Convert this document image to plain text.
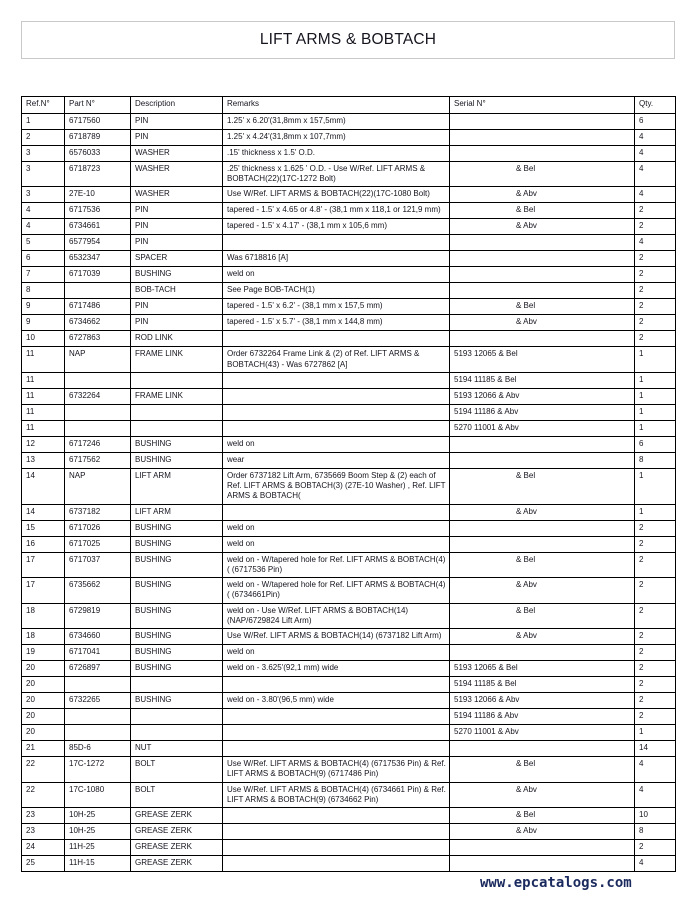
LIFT ARMS & BOBTACH
Ref.N°	Part N°	Description	Remarks	Serial N°	Qty.
1	6717560	PIN	1.25' x 6.20'(31,8mm x 157,5mm)		6
2	6718789	PIN	1.25' x 4.24'(31,8mm x 107,7mm)		4
3	6576033	WASHER	.15' thickness x 1.5' O.D.		4
3	6718723	WASHER	.25' thickness x 1.625 ' O.D. - Use W/Ref. LIFT ARMS & BOBTACH(22)(17C-1272 Bolt)	& Bel	4
3	27E-10	WASHER	Use W/Ref. LIFT ARMS & BOBTACH(22)(17C-1080 Bolt)	& Abv	4
4	6717536	PIN	tapered - 1.5' x 4.65 or 4.8' - (38,1 mm x 118,1 or 121,9 mm)	& Bel	2
4	6734661	PIN	tapered - 1.5' x 4.17' - (38,1 mm x 105,6 mm)	& Abv	2
5	6577954	PIN			4
6	6532347	SPACER	Was 6718816 [A]		2
7	6717039	BUSHING	weld on		2
8		BOB-TACH	See Page BOB-TACH(1)		2
9	6717486	PIN	tapered - 1.5' x 6.2' - (38,1 mm x 157,5 mm)	& Bel	2
9	6734662	PIN	tapered - 1.5' x 5.7' - (38,1 mm x 144,8 mm)	& Abv	2
10	6727863	ROD LINK			2
11	NAP	FRAME LINK	Order 6732264 Frame Link & (2) of Ref. LIFT ARMS & BOBTACH(43) - Was 6727862 [A]	5193 12065 & Bel	1
11				5194 11185 & Bel	1
11	6732264	FRAME LINK		5193 12066 & Abv	1
11				5194 11186 & Abv	1
11				5270 11001 & Abv	1
12	6717246	BUSHING	weld on		6
13	6717562	BUSHING	wear		8
14	NAP	LIFT ARM	Order 6737182 Lift Arm, 6735669 Boom Step & (2) each of Ref. LIFT ARMS & BOBTACH(3) (27E-10 Washer) , Ref. LIFT ARMS & BOBTACH(	& Bel	1
14	6737182	LIFT ARM		& Abv	1
15	6717026	BUSHING	weld on		2
16	6717025	BUSHING	weld on		2
17	6717037	BUSHING	weld on - W/tapered hole for Ref. LIFT ARMS & BOBTACH(4)( (6717536 Pin)	& Bel	2
17	6735662	BUSHING	weld on - W/tapered hole for Ref. LIFT ARMS & BOBTACH(4)( (6734661Pin)	& Abv	2
18	6729819	BUSHING	weld on - Use W/Ref. LIFT ARMS & BOBTACH(14) (NAP/6729824 Lift Arm)	& Bel	2
18	6734660	BUSHING	Use W/Ref. LIFT ARMS & BOBTACH(14) (6737182 Lift Arm)	& Abv	2
19	6717041	BUSHING	weld on		2
20	6726897	BUSHING	weld on - 3.625'(92,1 mm) wide	5193 12065 & Bel	2
20				5194 11185 & Bel	2
20	6732265	BUSHING	weld on - 3.80'(96,5 mm) wide	5193 12066 & Abv	2
20				5194 11186 & Abv	2
20				5270 11001 & Abv	1
21	85D-6	NUT			14
22	17C-1272	BOLT	Use W/Ref. LIFT ARMS & BOBTACH(4) (6717536 Pin) & Ref. LIFT ARMS & BOBTACH(9) (6717486 Pin)	& Bel	4
22	17C-1080	BOLT	Use W/Ref. LIFT ARMS & BOBTACH(4) (6734661 Pin) & Ref. LIFT ARMS & BOBTACH(9) (6734662 Pin)	& Abv	4
23	10H-25	GREASE ZERK		& Bel	10
23	10H-25	GREASE ZERK		& Abv	8
24	11H-25	GREASE ZERK			2
25	11H-15	GREASE ZERK			4
www.epcatalogs.com
